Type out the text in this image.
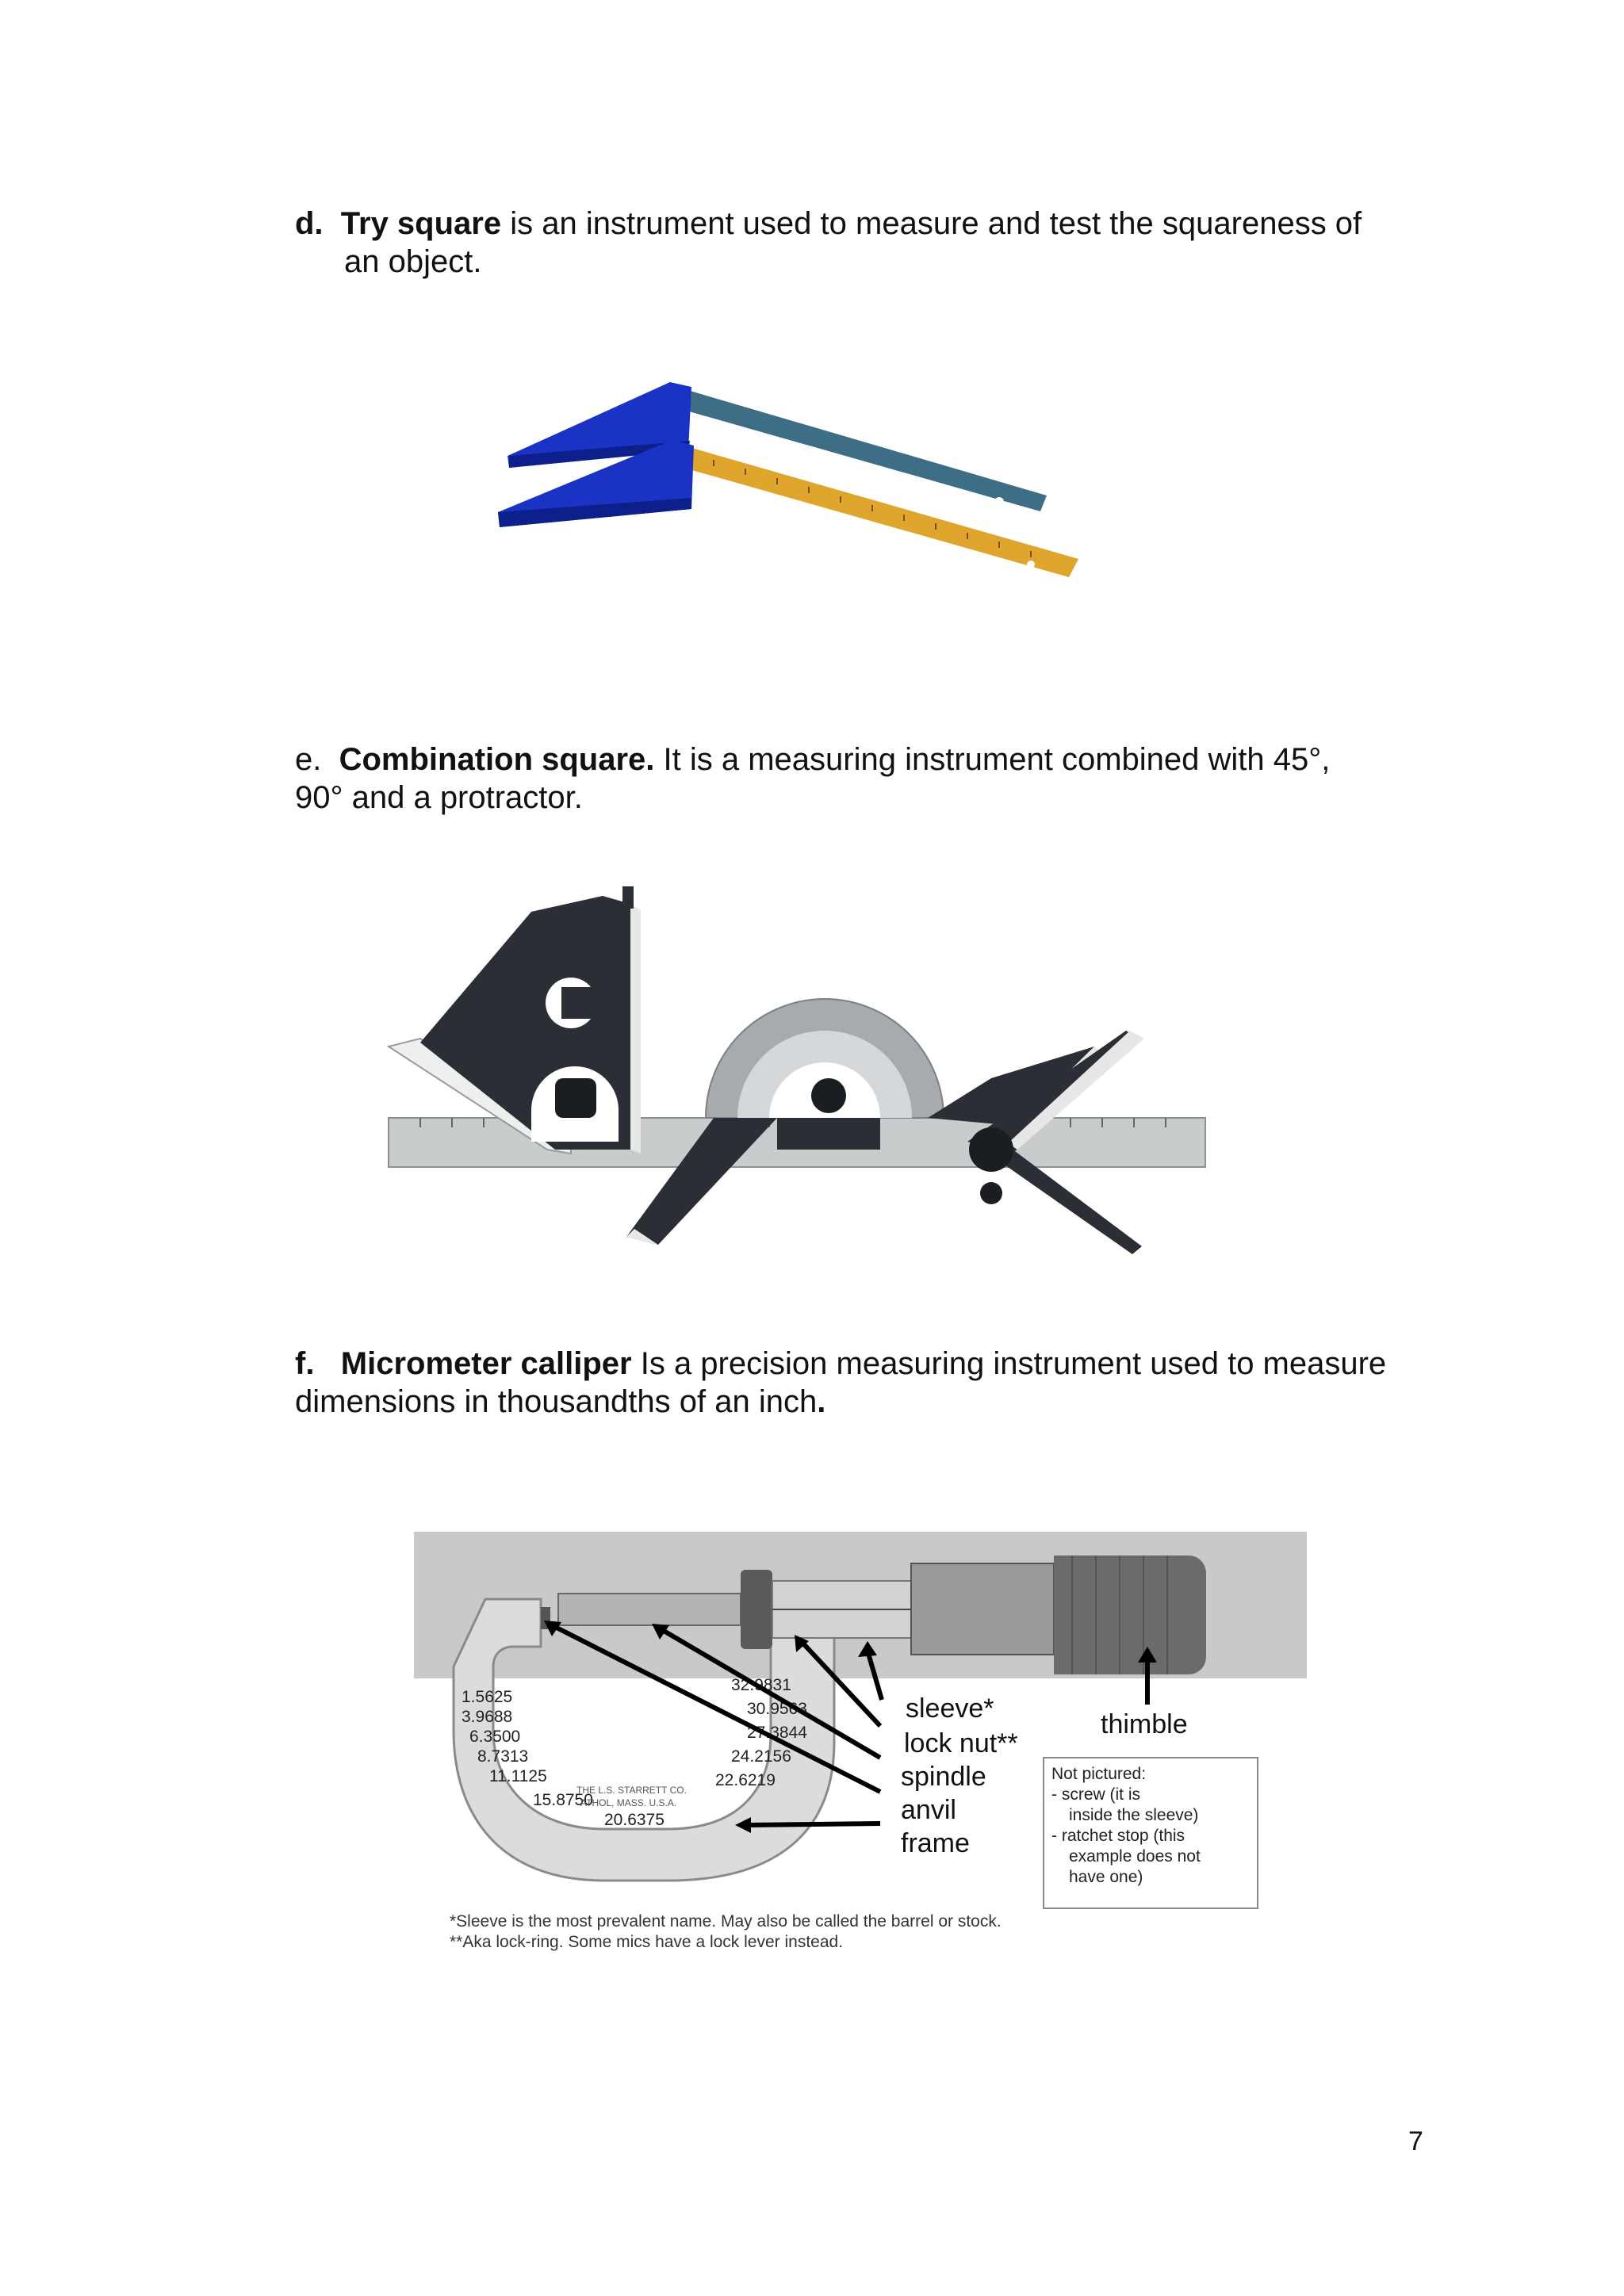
d. Try square is an instrument used to measure and test the squareness of
an object.
e. Combination square. It is a measuring instrument combined with 45°,
90° and a protractor.
f. Micrometer calliper Is a precision measuring instrument used to measure
dimensions in thousandths of an inch.
1.5625
3.9688
6.3500
8.7313
11.1125
15.8750
20.6375
32.9831
30.9563
27.3844
24.2156
22.6219
THE L.S. STARRETT CO.
ATHOL, MASS. U.S.A.
sleeve*
lock nut**
spindle
anvil
frame
thimble
Not pictured:
- screw (it is
inside the sleeve)
- ratchet stop (this
example does not
have one)
*Sleeve is the most prevalent name. May also be called the barrel or stock.
**Aka lock-ring. Some mics have a lock lever instead.
7
